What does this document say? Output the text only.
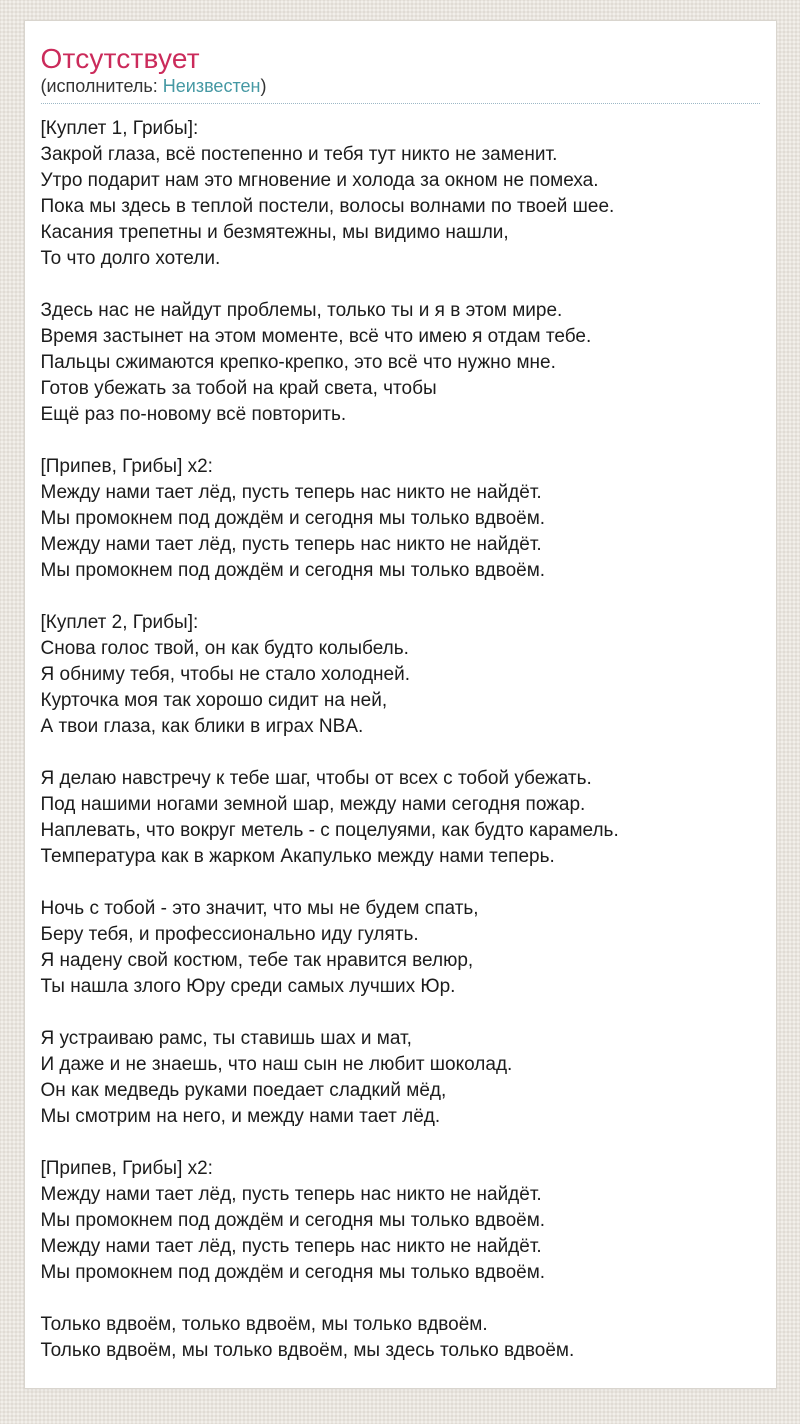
Отсутствует
(исполнитель: Неизвестен)
[Куплет 1, Грибы]:
Закрой глаза, всё постепенно и тебя тут никто не заменит.
Утро подарит нам это мгновение и холода за окном не помеха.
Пока мы здесь в теплой постели, волосы волнами по твоей шее.
Касания трепетны и безмятежны, мы видимо нашли,
То что долго хотели.
Здесь нас не найдут проблемы, только ты и я в этом мире.
Время застынет на этом моменте, всё что имею я отдам тебе.
Пальцы сжимаются крепко-крепко, это всё что нужно мне.
Готов убежать за тобой на край света, чтобы
Ещё раз по-новому всё повторить.
[Припев, Грибы] x2:
Между нами тает лёд, пусть теперь нас никто не найдёт.
Мы промокнем под дождём и сегодня мы только вдвоём.
Между нами тает лёд, пусть теперь нас никто не найдёт.
Мы промокнем под дождём и сегодня мы только вдвоём.
[Куплет 2, Грибы]:
Снова голос твой, он как будто колыбель.
Я обниму тебя, чтобы не стало холодней.
Курточка моя так хорошо сидит на ней,
А твои глаза, как блики в играх NBA.
Я делаю навстречу к тебе шаг, чтобы от всех с тобой убежать.
Под нашими ногами земной шар, между нами сегодня пожар.
Наплевать, что вокруг метель - с поцелуями, как будто карамель.
Температура как в жарком Акапулько между нами теперь.
Ночь с тобой - это значит, что мы не будем спать,
Беру тебя, и профессионально иду гулять.
Я надену свой костюм, тебе так нравится велюр,
Ты нашла злого Юру среди самых лучших Юр.
Я устраиваю рамс, ты ставишь шах и мат,
И даже и не знаешь, что наш сын не любит шоколад.
Он как медведь руками поедает сладкий мёд,
Мы смотрим на него, и между нами тает лёд.
[Припев, Грибы] x2:
Между нами тает лёд, пусть теперь нас никто не найдёт.
Мы промокнем под дождём и сегодня мы только вдвоём.
Между нами тает лёд, пусть теперь нас никто не найдёт.
Мы промокнем под дождём и сегодня мы только вдвоём.
Только вдвоём, только вдвоём, мы только вдвоём.
Только вдвоём, мы только вдвоём, мы здесь только вдвоём.
